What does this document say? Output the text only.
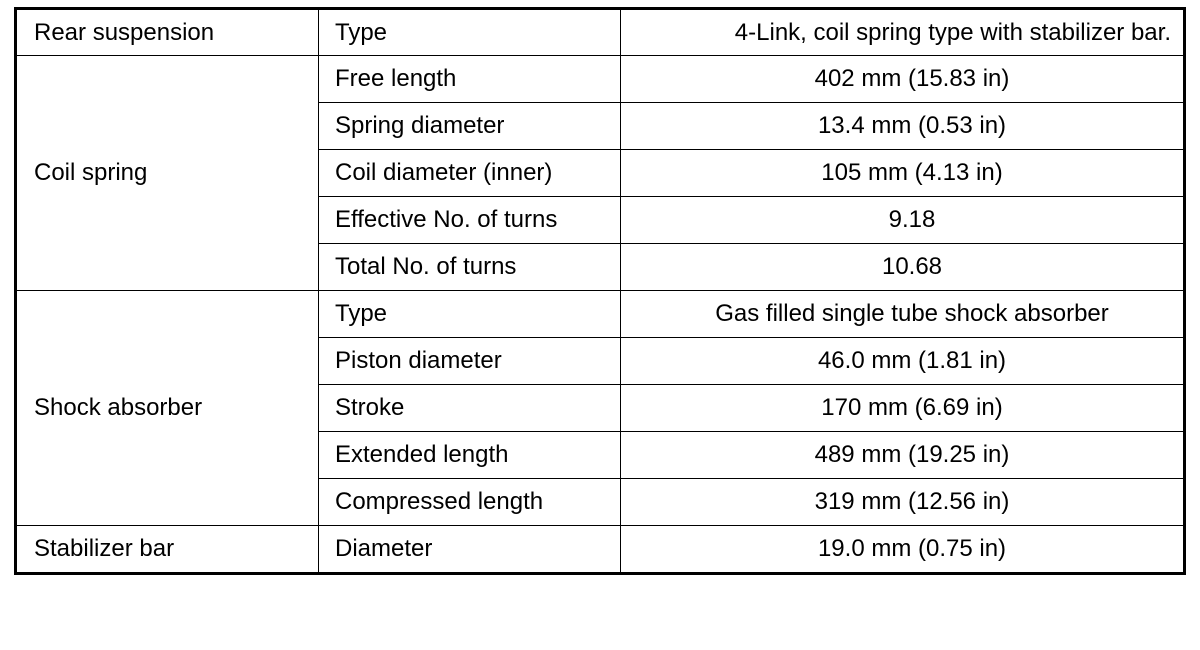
Rear suspension	Type	4-Link, coil spring type with stabilizer bar.
Coil spring	Free length	402 mm (15.83 in)
	Spring diameter	13.4 mm (0.53 in)
	Coil diameter (inner)	105 mm (4.13 in)
	Effective No. of turns	9.18
	Total No. of turns	10.68
Shock absorber	Type	Gas filled single tube shock absorber
	Piston diameter	46.0 mm (1.81 in)
	Stroke	170 mm (6.69 in)
	Extended length	489 mm (19.25 in)
	Compressed length	319 mm (12.56 in)
Stabilizer bar	Diameter	19.0 mm (0.75 in)
